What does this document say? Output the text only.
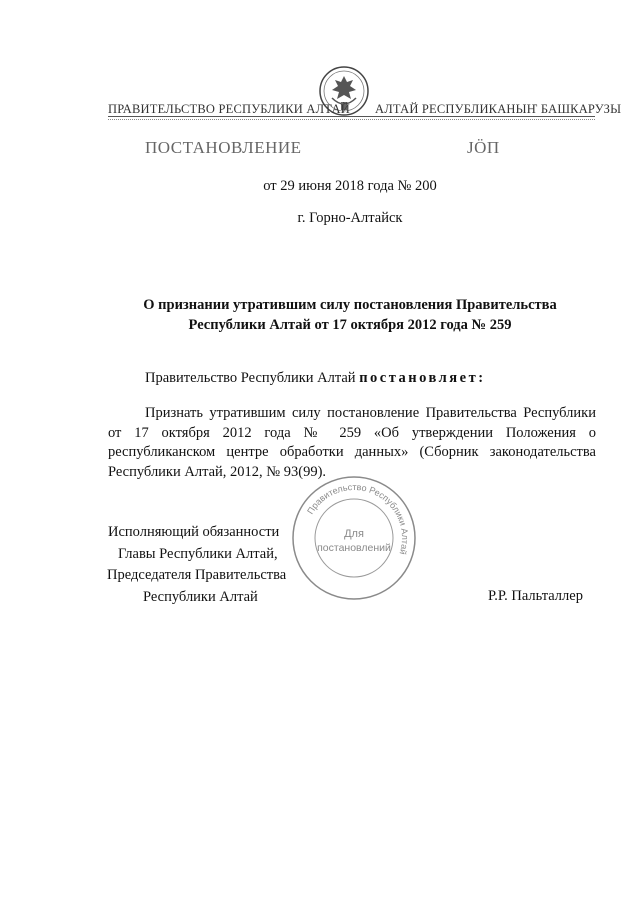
ПРАВИТЕЛЬСТВО РЕСПУБЛИКИ АЛТАЙ АЛТАЙ РЕСПУБЛИКАНЫҤ БАШКАРУЗЫ
ПОСТАНОВЛЕНИЕ	JÖП
от 29 июня 2018 года № 200
г. Горно-Алтайск
О признании утратившим силу постановления Правительства
Республики Алтай от 17 октября 2012 года № 259
Правительство Республики Алтай постановляет:
Признать утратившим силу постановление Правительства Республики от 17 октября 2012 года № 259 «Об утверждении Положения о республиканском центре обработки данных» (Сборник законодательства Республики Алтай, 2012, № 93(99).
Исполняющий обязанности
Главы Республики Алтай,
Председателя Правительства
Республики Алтай	Р.Р. Пальталлер
Правительство Республики Алтай
Для
постановлений
